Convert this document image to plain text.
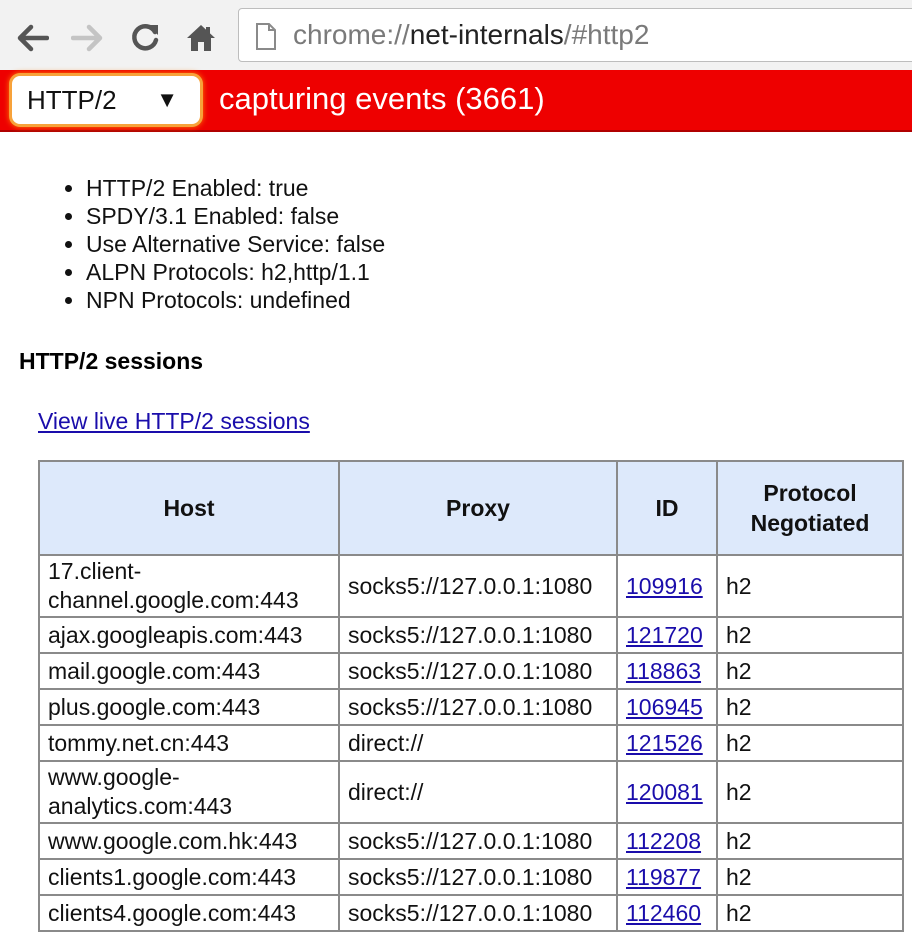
chrome://net-internals/#http2
HTTP/2 ▼ capturing events (3661)
• HTTP/2 Enabled: true
• SPDY/3.1 Enabled: false
• Use Alternative Service: false
• ALPN Protocols: h2,http/1.1
• NPN Protocols: undefined
HTTP/2 sessions
View live HTTP/2 sessions
Host	Proxy	ID	Protocol Negotiated
17.client-channel.google.com:443	socks5://127.0.0.1:1080	109916	h2
ajax.googleapis.com:443	socks5://127.0.0.1:1080	121720	h2
mail.google.com:443	socks5://127.0.0.1:1080	118863	h2
plus.google.com:443	socks5://127.0.0.1:1080	106945	h2
tommy.net.cn:443	direct://	121526	h2
www.google-analytics.com:443	direct://	120081	h2
www.google.com.hk:443	socks5://127.0.0.1:1080	112208	h2
clients1.google.com:443	socks5://127.0.0.1:1080	119877	h2
clients4.google.com:443	socks5://127.0.0.1:1080	112460	h2
